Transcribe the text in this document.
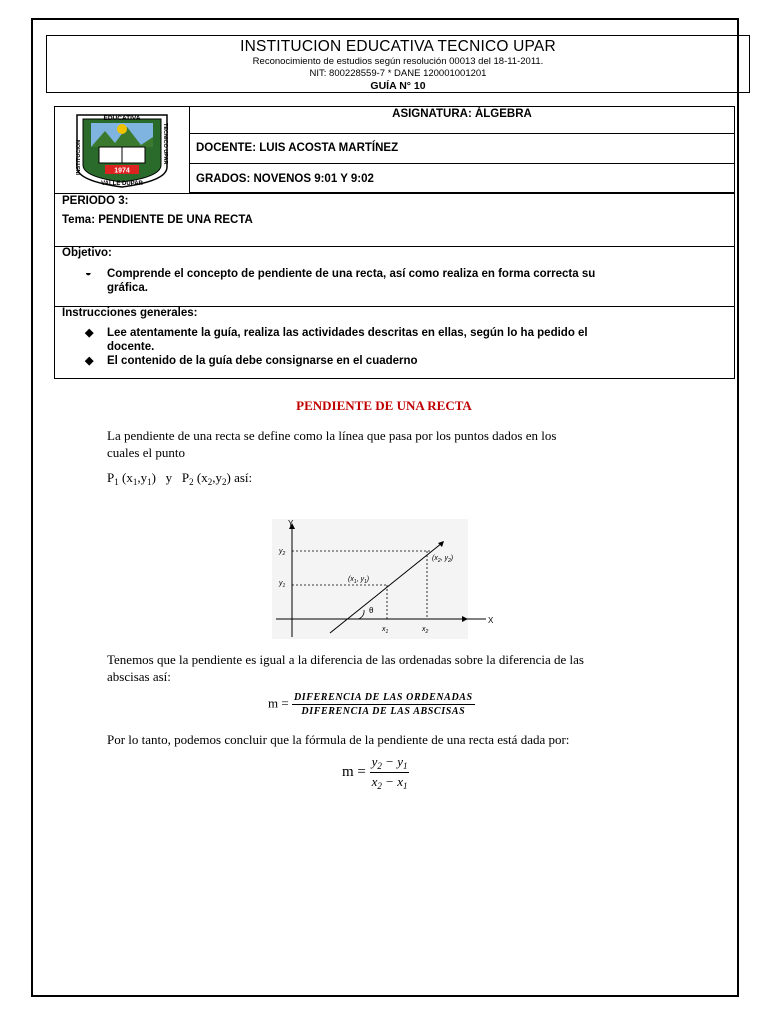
INSTITUCION EDUCATIVA TECNICO UPAR
Reconocimiento de estudios según resolución 00013 del 18-11-2011.
NIT: 800228559-7 * DANE 120001001201
GUÍA N° 10
1974
EDUCATIVA
VALLE DUPAR
INSTITUCION	TECNICO UPAR
ASIGNATURA: ÁLGEBRA
DOCENTE: LUIS ACOSTA MARTÍNEZ
GRADOS: NOVENOS 9:01 Y 9:02
PERIODO 3:
Tema: PENDIENTE DE UNA RECTA
Objetivo:
◒	Comprende el concepto de pendiente de una recta, así como realiza en forma correcta su
gráfica.
Instrucciones generales:
◆	Lee atentamente la guía, realiza las actividades descritas en ellas, según lo ha pedido el
docente.
◆	El contenido de la guía debe consignarse en el cuaderno
PENDIENTE DE UNA RECTA
La pendiente de una recta se define como la línea que pasa por los puntos dados en los
cuales el punto
$P_1$ $(x_1,y_1)$   y   $P_2$ $(x_2,y_2)$ así:
Y
X
θ
$y_2$
$y_1$
$x_1$	$x_2$
($x_1$, $y_1$)
($x_2$, $y_2$)
Tenemos que la pendiente es igual a la diferencia de las ordenadas sobre la diferencia de las
abscisas así:
$m = \frac{\text{DIFERENCIA DE LAS ORDENADAS}}{\text{DIFERENCIA DE LAS ABSCISAS}}$
Por lo tanto, podemos concluir que la fórmula de la pendiente de una recta está dada por:
$m = \frac{y_2 - y_1}{x_2 - x_1}$
